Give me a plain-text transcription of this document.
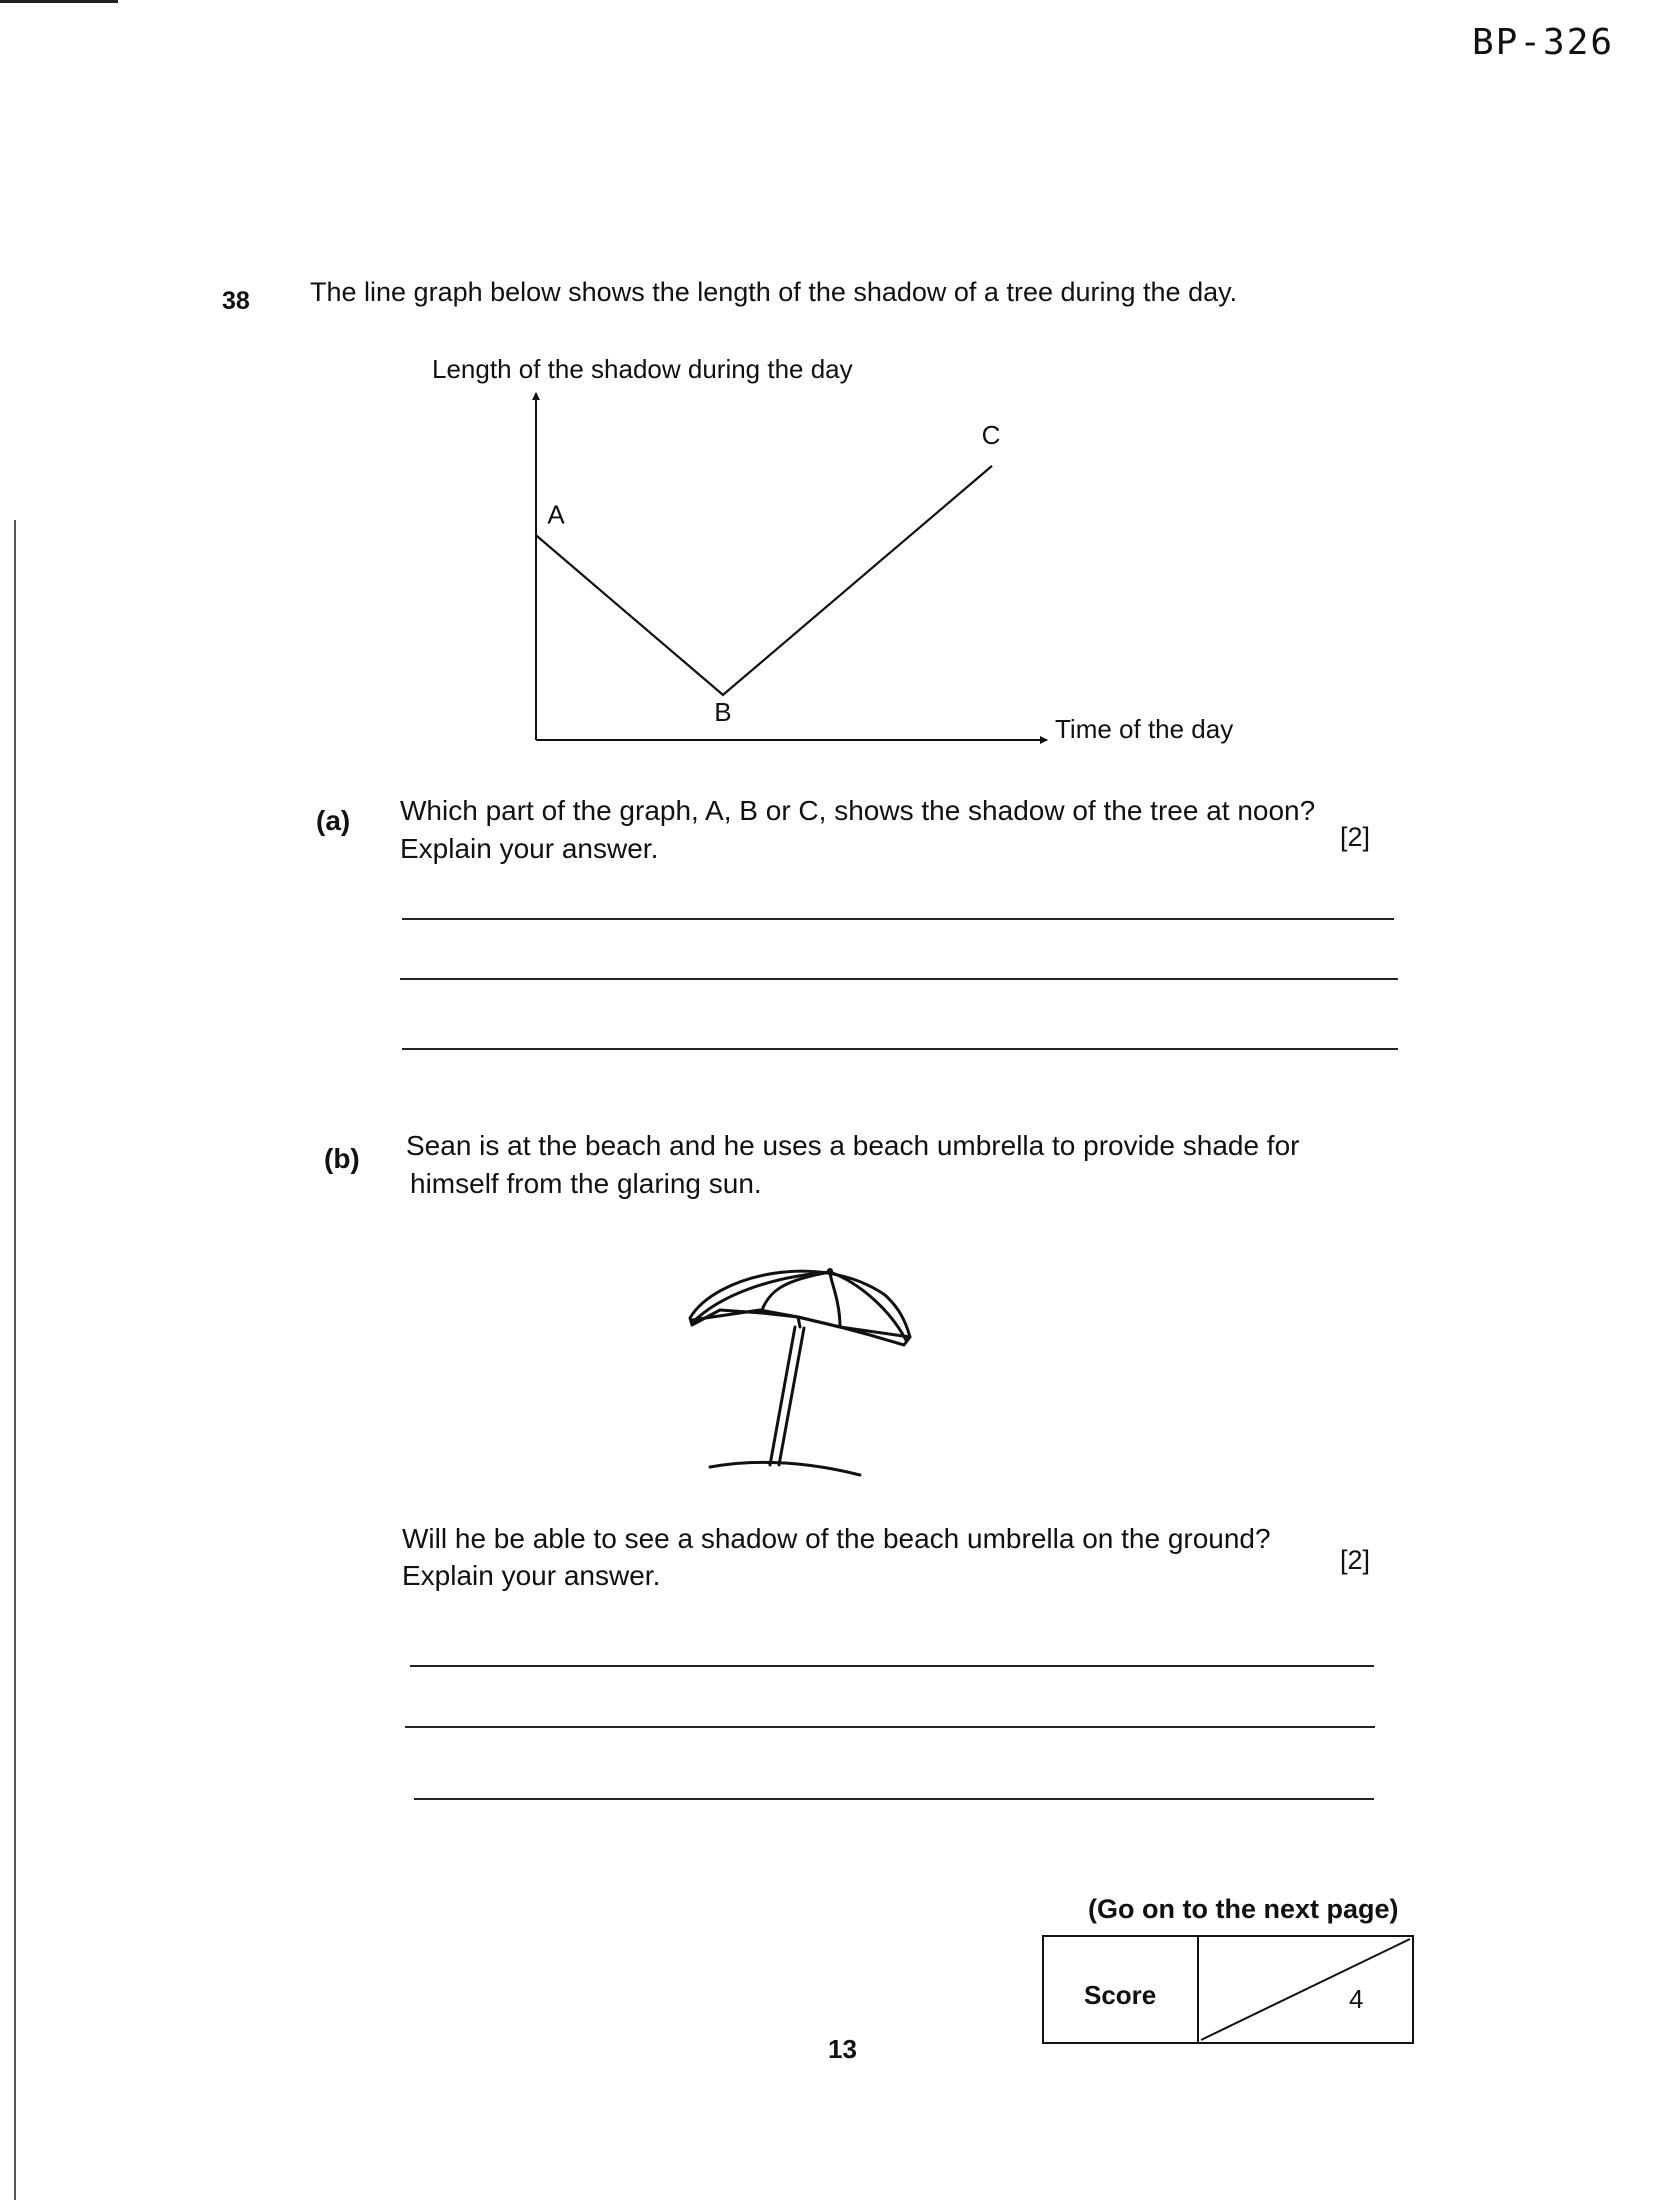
BP-326
38 The line graph below shows the length of the shadow of a tree during the day.
Length of the shadow during the day
Time of the day
A
B
C
(a) Which part of the graph, A, B or C, shows the shadow of the tree at noon?
Explain your answer.	[2]
(b) Sean is at the beach and he uses a beach umbrella to provide shade for
himself from the glaring sun.
Will he be able to see a shadow of the beach umbrella on the ground?
Explain your answer.	[2]
(Go on to the next page)
Score	4
13
